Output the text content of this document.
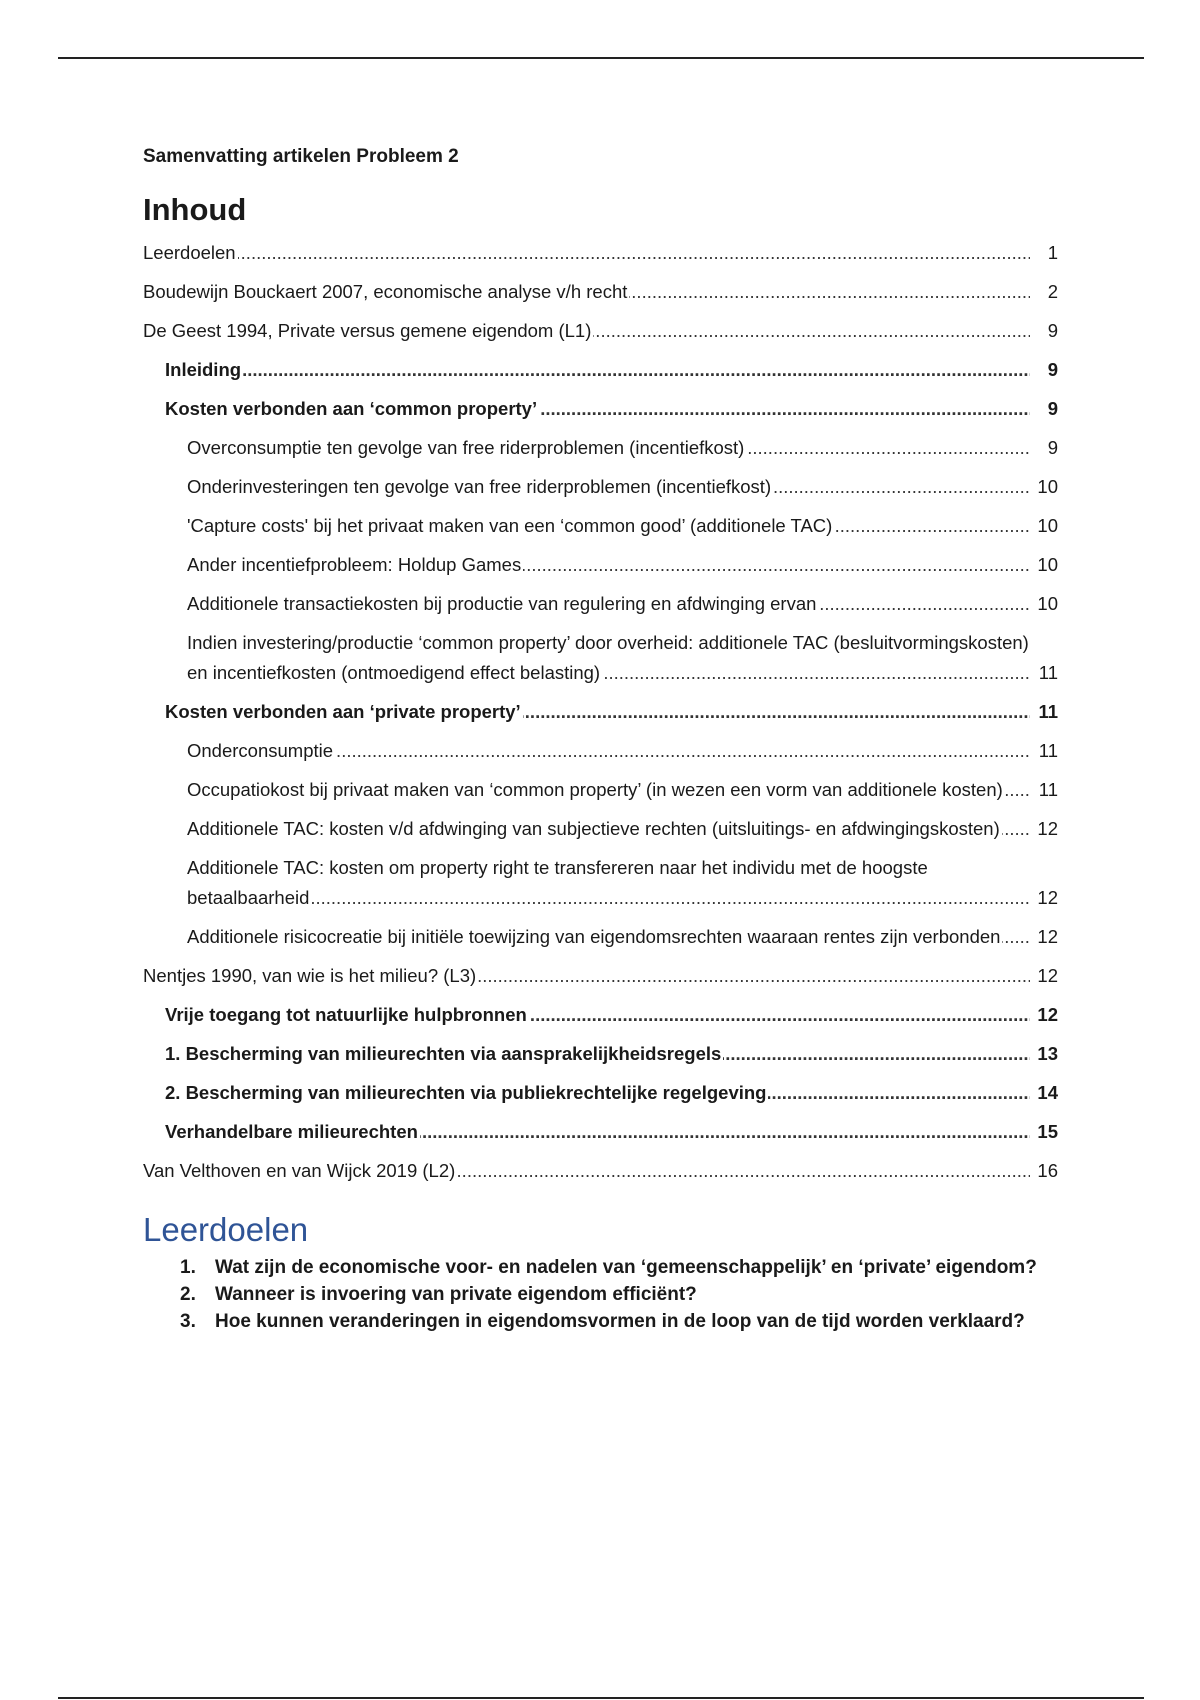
Samenvatting artikelen Probleem 2
Inhoud
.....
Leerdoelen	1
.....
Boudewijn Bouckaert 2007, economische analyse v/h recht	2
.....
De Geest 1994, Private versus gemene eigendom (L1)	9
.....
Inleiding	9
.....
Kosten verbonden aan ‘common property’	9
.....
Overconsumptie ten gevolge van free riderproblemen (incentiefkost)	9
.....
Onderinvesteringen ten gevolge van free riderproblemen (incentiefkost)	10
.....
'Capture costs' bij het privaat maken van een ‘common good’ (additionele TAC)	10
.....
Ander incentiefprobleem: Holdup Games	10
.....
Additionele transactiekosten bij productie van regulering en afdwinging ervan	10
.....
Indien investering/productie ‘common property’ door overheid: additionele TAC (besluitvormingskosten) en incentiefkosten (ontmoedigend effect belasting)	11
.....
Kosten verbonden aan ‘private property’	11
.....
Onderconsumptie	11
.....
Occupatiokost bij privaat maken van ‘common property’ (in wezen een vorm van additionele kosten)	11
.....
Additionele TAC: kosten v/d afdwinging van subjectieve rechten (uitsluitings- en afdwingingskosten)	12
.....
Additionele TAC: kosten om property right te transfereren naar het individu met de hoogste betaalbaarheid	12
.....
Additionele risicocreatie bij initiële toewijzing van eigendomsrechten waaraan rentes zijn verbonden	12
.....
Nentjes 1990, van wie is het milieu? (L3)	12
.....
Vrije toegang tot natuurlijke hulpbronnen	12
.....
1. Bescherming van milieurechten via aansprakelijkheidsregels	13
.....
2. Bescherming van milieurechten via publiekrechtelijke regelgeving	14
.....
Verhandelbare milieurechten	15
.....
Van Velthoven en van Wijck 2019 (L2)	16
Leerdoelen
1. Wat zijn de economische voor- en nadelen van ‘gemeenschappelijk’ en ‘private’ eigendom?
2. Wanneer is invoering van private eigendom efficiënt?
3. Hoe kunnen veranderingen in eigendomsvormen in de loop van de tijd worden verklaard?
